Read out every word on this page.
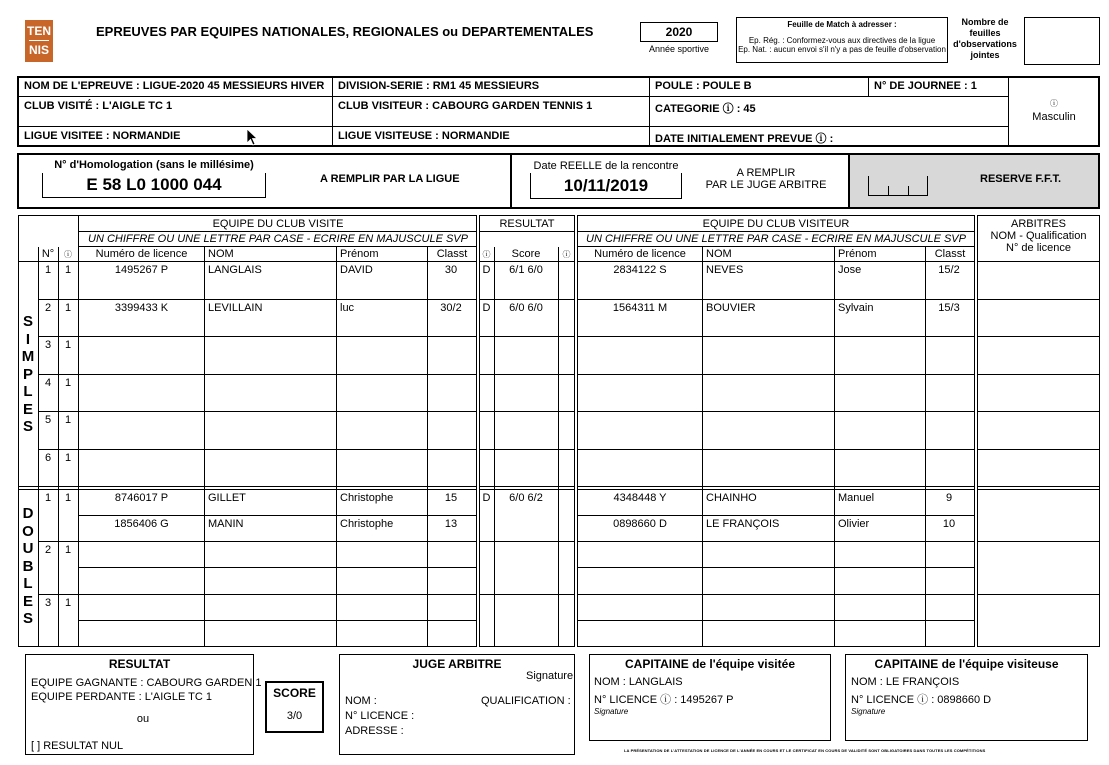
TEN
NIS
EPREUVES PAR EQUIPES NATIONALES, REGIONALES ou DEPARTEMENTALES	2020
Année sportive
Feuille de Match à adresser :
Ep. Rég. : Conformez-vous aux directives de la ligue
Ep. Nat. : aucun envoi s'il n'y a pas de feuille d'observation
Nombre de
feuilles
d'observations
jointes
NOM DE L'EPREUVE : LIGUE-2020 45 MESSIEURS HIVER DIVISION-SERIE : RM1 45 MESSIEURS	POULE : POULE B	N° DE JOURNEE : 1
CLUB VISITÉ : L'AIGLE TC 1	CLUB VISITEUR : CABOURG GARDEN TENNIS 1	CATEGORIE ⓘ : 45
LIGUE VISITEE : NORMANDIE	LIGUE VISITEUSE : NORMANDIE	DATE INITIALEMENT PREVUE ⓘ :
ⓘ
Masculin
N° d'Homologation (sans le millésime)
E 58 L0 1000 044	A REMPLIR PAR LA LIGUE
Date REELLE de la rencontre
10/11/2019
A REMPLIR
PAR LE JUGE ARBITRE	RESERVE F.F.T.
EQUIPE DU CLUB VISITE	RESULTAT	EQUIPE DU CLUB VISITEUR	ARBITRES
NOM - Qualification
N° de licence
UN CHIFFRE OU UNE LETTRE PAR CASE - ECRIRE EN MAJUSCULE SVP	UN CHIFFRE OU UNE LETTRE PAR CASE - ECRIRE EN MAJUSCULE SVP
N°	ⓘ	Numéro de licence	NOM	Prénom	Classt	ⓘ	Score	ⓘ	Numéro de licence	NOM	Prénom	Classt
S
I
M
P
L
E
S
D
O
U
B
L
E
S
1	1	1495267 P	LANGLAIS	DAVID	30	D	6/1 6/0	2834122 S	NEVES	Jose	15/2
2	1	3399433 K	LEVILLAIN	luc	30/2	D	6/0 6/0	1564311 M	BOUVIER	Sylvain	15/3
3	1
4	1
5	1
6	1
1	1	D	6/0 6/2
8746017 P	GILLET	Christophe	15	4348448 Y	CHAINHO	Manuel	9
1856406 G	MANIN	Christophe	13	0898660 D	LE FRANÇOIS	Olivier	10
2	1
3	1
RESULTAT
EQUIPE GAGNANTE : CABOURG GARDEN 1
EQUIPE PERDANTE : L'AIGLE TC 1
ou
[ ] RESULTAT NUL
SCORE
3/0
JUGE ARBITRE
Signature
NOM :	QUALIFICATION :
N° LICENCE :
ADRESSE :
CAPITAINE de l'équipe visitée
NOM : LANGLAIS
N° LICENCE ⓘ : 1495267 P
Signature
CAPITAINE de l'équipe visiteuse
NOM : LE FRANÇOIS
N° LICENCE ⓘ : 0898660 D
Signature
LA PRÉSENTATION DE L'ATTESTATION DE LICENCE DE L'ANNÉE EN COURS ET LE CERTIFICAT EN COURS DE VALIDITÉ SONT OBLIGATOIRES DANS TOUTES LES COMPÉTITIONS
